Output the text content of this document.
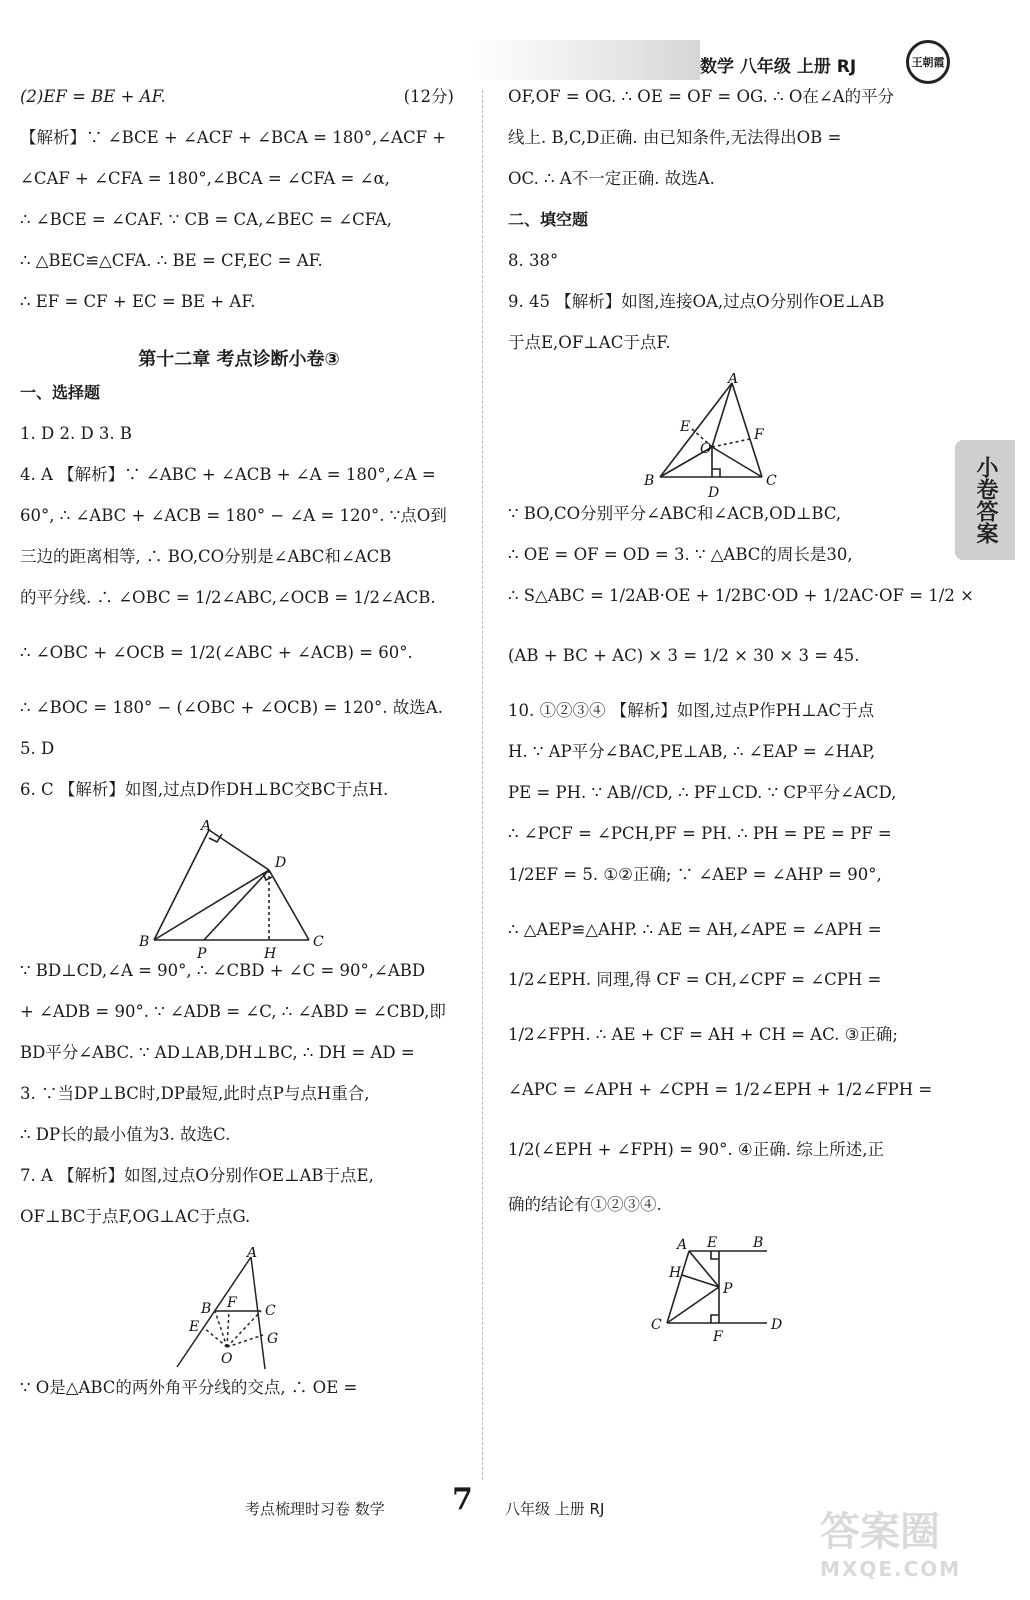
数学 八年级 上册 RJ	王朝霞
小卷答案
(2)EF = BE + AF.	(12分)
【解析】∵ ∠BCE + ∠ACF + ∠BCA = 180°,∠ACF +
∠CAF + ∠CFA = 180°,∠BCA = ∠CFA = ∠α,
∴ ∠BCE = ∠CAF. ∵ CB = CA,∠BEC = ∠CFA,
∴ △BEC≌△CFA. ∴ BE = CF,EC = AF.
∴ EF = CF + EC = BE + AF.
第十二章 考点诊断小卷③
一、选择题
1. D 2. D 3. B
4. A 【解析】∵ ∠ABC + ∠ACB + ∠A = 180°,∠A =
60°, ∴ ∠ABC + ∠ACB = 180° − ∠A = 120°. ∵点O到
三边的距离相等, ∴ BO,CO分别是∠ABC和∠ACB
的平分线. ∴ ∠OBC = 1/2∠ABC,∠OCB = 1/2∠ACB.
∴ ∠OBC + ∠OCB = 1/2(∠ABC + ∠ACB) = 60°.
∴ ∠BOC = 180° − (∠OBC + ∠OCB) = 120°. 故选A.
5. D
6. C 【解析】如图,过点D作DH⊥BC交BC于点H.
A
D
B
P	H
C
∵ BD⊥CD,∠A = 90°, ∴ ∠CBD + ∠C = 90°,∠ABD
+ ∠ADB = 90°. ∵ ∠ADB = ∠C, ∴ ∠ABD = ∠CBD,即
BD平分∠ABC. ∵ AD⊥AB,DH⊥BC, ∴ DH = AD =
3. ∵当DP⊥BC时,DP最短,此时点P与点H重合,
∴ DP长的最小值为3. 故选C.
7. A 【解析】如图,过点O分别作OE⊥AB于点E,
OF⊥BC于点F,OG⊥AC于点G.
A
B F C
E
G
O
∵ O是△ABC的两外角平分线的交点, ∴ OE =
OF,OF = OG. ∴ OE = OF = OG. ∴ O在∠A的平分
线上. B,C,D正确. 由已知条件,无法得出OB =
OC. ∴ A不一定正确. 故选A.
二、填空题
8. 38°
9. 45 【解析】如图,连接OA,过点O分别作OE⊥AB
于点E,OF⊥AC于点F.
A
E	F
O
B
D
C
∵ BO,CO分别平分∠ABC和∠ACB,OD⊥BC,
∴ OE = OF = OD = 3. ∵ △ABC的周长是30,
∴ S△ABC = 1/2AB·OE + 1/2BC·OD + 1/2AC·OF = 1/2 ×
(AB + BC + AC) × 3 = 1/2 × 30 × 3 = 45.
10. ①②③④ 【解析】如图,过点P作PH⊥AC于点
H. ∵ AP平分∠BAC,PE⊥AB, ∴ ∠EAP = ∠HAP,
PE = PH. ∵ AB//CD, ∴ PF⊥CD. ∵ CP平分∠ACD,
∴ ∠PCF = ∠PCH,PF = PH. ∴ PH = PE = PF =
1/2EF = 5. ①②正确; ∵ ∠AEP = ∠AHP = 90°,
∴ △AEP≌△AHP. ∴ AE = AH,∠APE = ∠APH =
1/2∠EPH. 同理,得 CF = CH,∠CPF = ∠CPH =
1/2∠FPH. ∴ AE + CF = AH + CH = AC. ③正确;
∠APC = ∠APH + ∠CPH = 1/2∠EPH + 1/2∠FPH =
1/2(∠EPH + ∠FPH) = 90°. ④正确. 综上所述,正
确的结论有①②③④.
A E	B
H
P
C
F
D
考点梳理时习卷 数学 7 八年级 上册 RJ	答案圈
MXQE.COM
